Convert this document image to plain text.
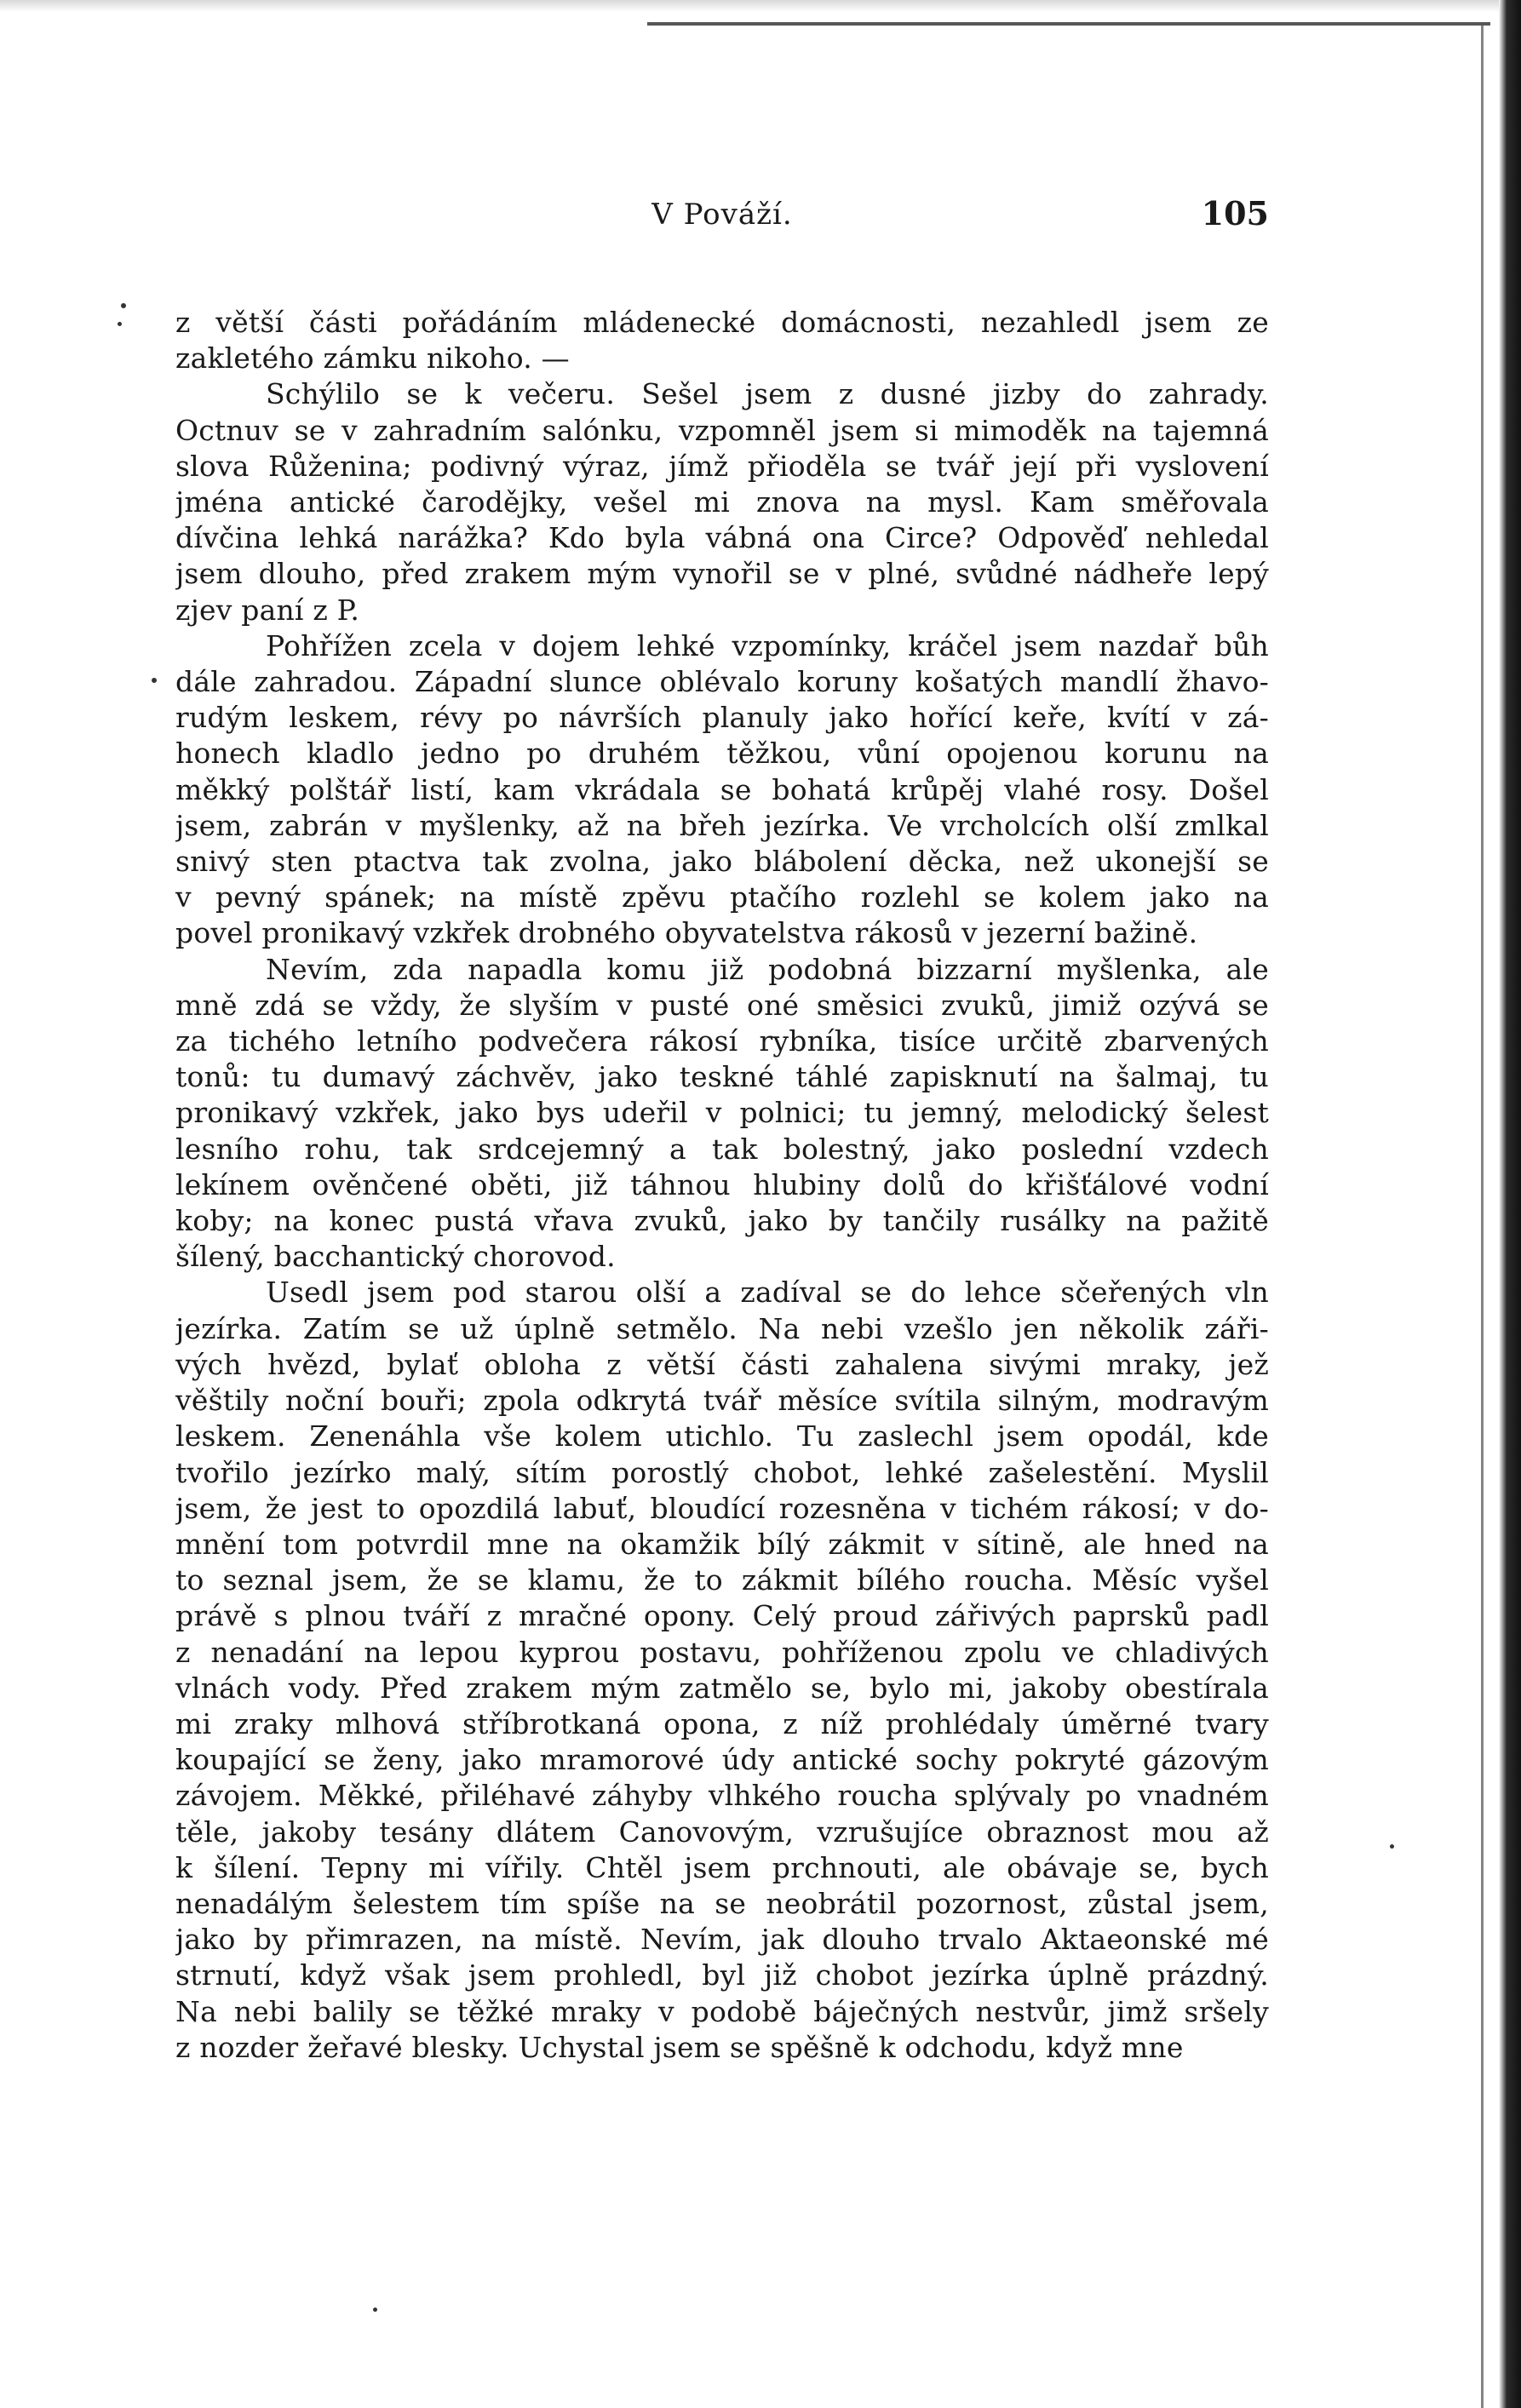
V Pováží.	105
z větší části pořádáním mládenecké domácnosti, nezahledl jsem ze
zakletého zámku nikoho. —
Schýlilo se k večeru. Sešel jsem z dusné jizby do zahrady.
Octnuv se v zahradním salónku, vzpomněl jsem si mimoděk na tajemná
slova Růženina; podivný výraz, jímž přioděla se tvář její při vyslovení
jména antické čarodějky, vešel mi znova na mysl. Kam směřovala
dívčina lehká narážka? Kdo byla vábná ona Circe? Odpověď nehledal
jsem dlouho, před zrakem mým vynořil se v plné, svůdné nádheře lepý
zjev paní z P.
Pohřížen zcela v dojem lehké vzpomínky, kráčel jsem nazdař bůh
dále zahradou. Západní slunce oblévalo koruny košatých mandlí žhavo-
rudým leskem, révy po návrších planuly jako hořící keře, kvítí v zá-
honech kladlo jedno po druhém těžkou, vůní opojenou korunu na
měkký polštář listí, kam vkrádala se bohatá krůpěj vlahé rosy. Došel
jsem, zabrán v myšlenky, až na břeh jezírka. Ve vrcholcích olší zmlkal
snivý sten ptactva tak zvolna, jako blábolení děcka, než ukonejší se
v pevný spánek; na místě zpěvu ptačího rozlehl se kolem jako na
povel pronikavý vzkřek drobného obyvatelstva rákosů v jezerní bažině.
Nevím, zda napadla komu již podobná bizzarní myšlenka, ale
mně zdá se vždy, že slyším v pusté oné směsici zvuků, jimiž ozývá se
za tichého letního podvečera rákosí rybníka, tisíce určitě zbarvených
tonů: tu dumavý záchvěv, jako teskné táhlé zapisknutí na šalmaj, tu
pronikavý vzkřek, jako bys udeřil v polnici; tu jemný, melodický šelest
lesního rohu, tak srdcejemný a tak bolestný, jako poslední vzdech
lekínem ověnčené oběti, již táhnou hlubiny dolů do křišťálové vodní
koby; na konec pustá vřava zvuků, jako by tančily rusálky na pažitě
šílený, bacchantický chorovod.
Usedl jsem pod starou olší a zadíval se do lehce sčeřených vln
jezírka. Zatím se už úplně setmělo. Na nebi vzešlo jen několik záři-
vých hvězd, bylať obloha z větší části zahalena sivými mraky, jež
věštily noční bouři; zpola odkrytá tvář měsíce svítila silným, modravým
leskem. Zenenáhla vše kolem utichlo. Tu zaslechl jsem opodál, kde
tvořilo jezírko malý, sítím porostlý chobot, lehké zašelestění. Myslil
jsem, že jest to opozdilá labuť, bloudící rozesněna v tichém rákosí; v do-
mnění tom potvrdil mne na okamžik bílý zákmit v sítině, ale hned na
to seznal jsem, že se klamu, že to zákmit bílého roucha. Měsíc vyšel
právě s plnou tváří z mračné opony. Celý proud zářivých paprsků padl
z nenadání na lepou kyprou postavu, pohříženou zpolu ve chladivých
vlnách vody. Před zrakem mým zatmělo se, bylo mi, jakoby obestírala
mi zraky mlhová stříbrotkaná opona, z níž prohlédaly úměrné tvary
koupající se ženy, jako mramorové údy antické sochy pokryté gázovým
závojem. Měkké, přiléhavé záhyby vlhkého roucha splývaly po vnadném
těle, jakoby tesány dlátem Canovovým, vzrušujíce obraznost mou až
k šílení. Tepny mi vířily. Chtěl jsem prchnouti, ale obávaje se, bych
nenadálým šelestem tím spíše na se neobrátil pozornost, zůstal jsem,
jako by přimrazen, na místě. Nevím, jak dlouho trvalo Aktaeonské mé
strnutí, když však jsem prohledl, byl již chobot jezírka úplně prázdný.
Na nebi balily se těžké mraky v podobě báječných nestvůr, jimž sršely
z nozder žeřavé blesky. Uchystal jsem se spěšně k odchodu, když mne
